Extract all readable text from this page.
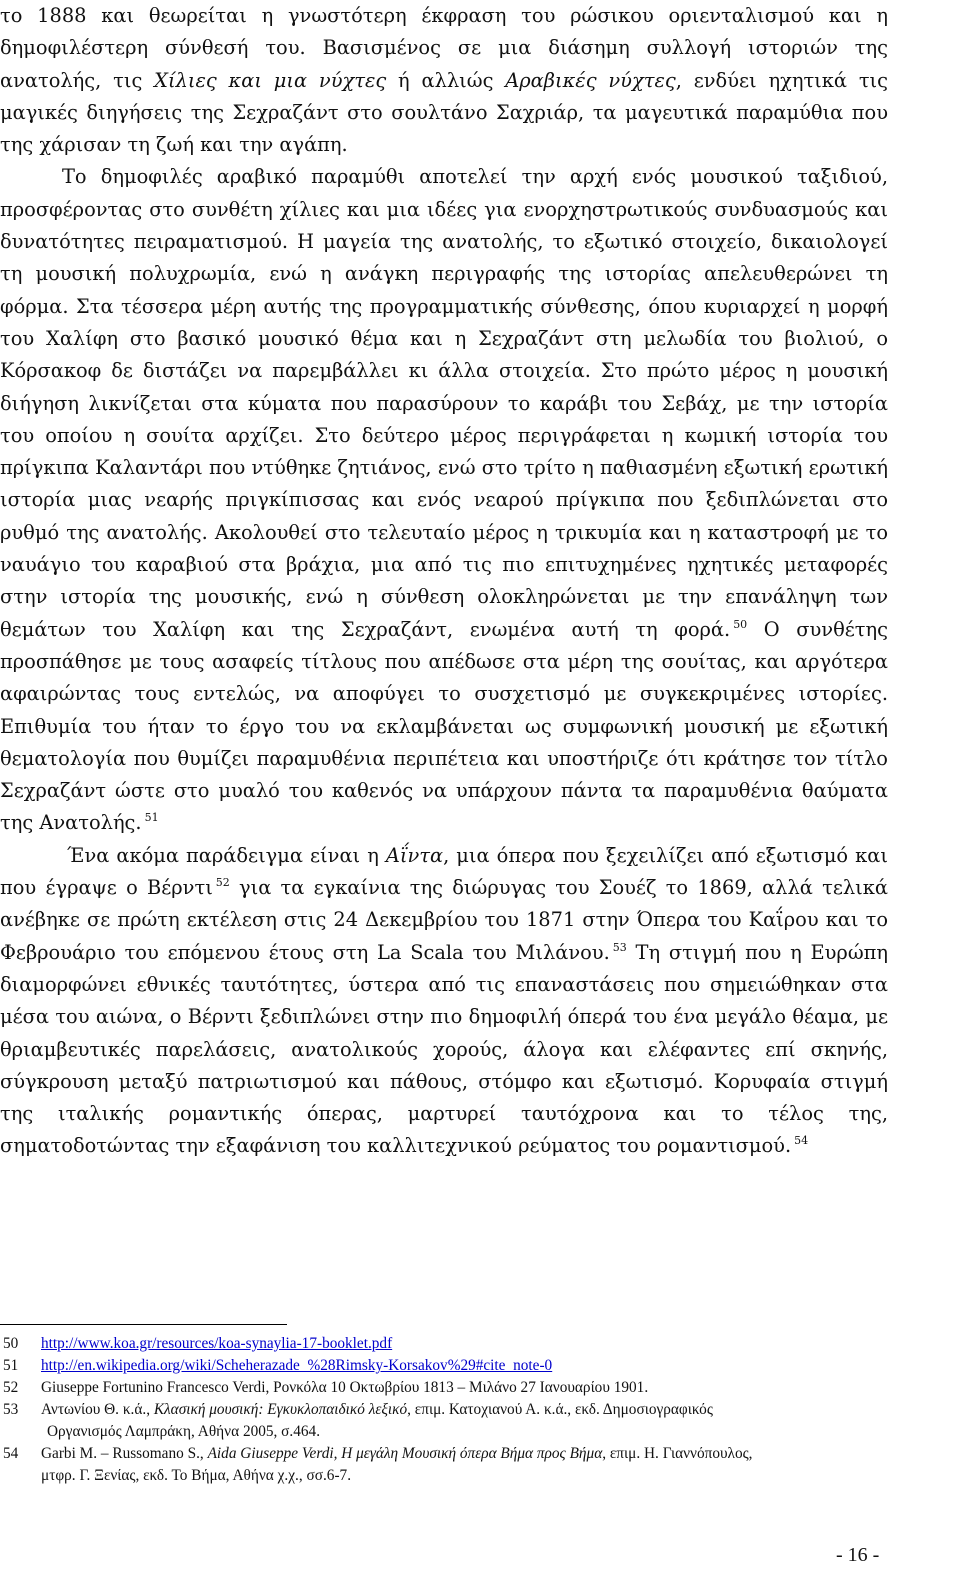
το 1888 και θεωρείται η γνωστότερη έκφραση του ρώσικου οριενταλισμού και η δημοφιλέστερη σύνθεσή του. Βασισμένος σε μια διάσημη συλλογή ιστοριών της ανατολής, τις Χίλιες και μια νύχτες ή αλλιώς Αραβικές νύχτες, ενδύει ηχητικά τις μαγικές διηγήσεις της Σεχραζάντ στο σουλτάνο Σαχριάρ, τα μαγευτικά παραμύθια που της χάρισαν τη ζωή και την αγάπη.
Το δημοφιλές αραβικό παραμύθι αποτελεί την αρχή ενός μουσικού ταξιδιού, προσφέροντας στο συνθέτη χίλιες και μια ιδέες για ενορχηστρωτικούς συνδυασμούς και δυνατότητες πειραματισμού. Η μαγεία της ανατολής, το εξωτικό στοιχείο, δικαιολογεί τη μουσική πολυχρωμία, ενώ η ανάγκη περιγραφής της ιστορίας απελευθερώνει τη φόρμα. Στα τέσσερα μέρη αυτής της προγραμματικής σύνθεσης, όπου κυριαρχεί η μορφή του Χαλίφη στο βασικό μουσικό θέμα και η Σεχραζάντ στη μελωδία του βιολιού, ο Κόρσακοφ δε διστάζει να παρεμβάλλει κι άλλα στοιχεία. Στο πρώτο μέρος η μουσική διήγηση λικνίζεται στα κύματα που παρασύρουν το καράβι του Σεβάχ, με την ιστορία του οποίου η σουίτα αρχίζει. Στο δεύτερο μέρος περιγράφεται η κωμική ιστορία του πρίγκιπα Καλαντάρι που ντύθηκε ζητιάνος, ενώ στο τρίτο η παθιασμένη εξωτική ερωτική ιστορία μιας νεαρής πριγκίπισσας και ενός νεαρού πρίγκιπα που ξεδιπλώνεται στο ρυθμό της ανατολής. Ακολουθεί στο τελευταίο μέρος η τρικυμία και η καταστροφή με το ναυάγιο του καραβιού στα βράχια, μια από τις πιο επιτυχημένες ηχητικές μεταφορές στην ιστορία της μουσικής, ενώ η σύνθεση ολοκληρώνεται με την επανάληψη των θεμάτων του Χαλίφη και της Σεχραζάντ, ενωμένα αυτή τη φορά. $^{50}$ Ο συνθέτης προσπάθησε με τους ασαφείς τίτλους που απέδωσε στα μέρη της σουίτας, και αργότερα αφαιρώντας τους εντελώς, να αποφύγει το συσχετισμό με συγκεκριμένες ιστορίες. Επιθυμία του ήταν το έργο του να εκλαμβάνεται ως συμφωνική μουσική με εξωτική θεματολογία που θυμίζει παραμυθένια περιπέτεια και υποστήριζε ότι κράτησε τον τίτλο Σεχραζάντ ώστε στο μυαλό του καθενός να υπάρχουν πάντα τα παραμυθένια θαύματα της Ανατολής. $^{51}$

Ένα ακόμα παράδειγμα είναι η Αΐντα, μια όπερα που ξεχειλίζει από εξωτισμό και που έγραψε ο Βέρντι $^{52}$ για τα εγκαίνια της διώρυγας του Σουέζ το 1869, αλλά τελικά ανέβηκε σε πρώτη εκτέλεση στις 24 Δεκεμβρίου του 1871 στην Όπερα του Καΐρου και το Φεβρουάριο του επόμενου έτους στη La Scala του Μιλάνου. $^{53}$ Τη στιγμή που η Ευρώπη διαμορφώνει εθνικές ταυτότητες, ύστερα από τις επαναστάσεις που σημειώθηκαν στα μέσα του αιώνα, ο Βέρντι ξεδιπλώνει στην πιο δημοφιλή όπερά του ένα μεγάλο θέαμα, με θριαμβευτικές παρελάσεις, ανατολικούς χορούς, άλογα και ελέφαντες επί σκηνής, σύγκρουση μεταξύ πατριωτισμού και πάθους, στόμφο και εξωτισμό. Κορυφαία στιγμή της ιταλικής ρομαντικής όπερας, μαρτυρεί ταυτόχρονα και το τέλος της, σηματοδοτώντας την εξαφάνιση του καλλιτεχνικού ρεύματος του ρομαντισμού. $^{54}$

50 http://www.koa.gr/resources/koa-synaylia-17-booklet.pdf
51 http://en.wikipedia.org/wiki/Scheherazade_%28Rimsky-Korsakov%29#cite_note-0
52 Giuseppe Fortunino Francesco Verdi, Ρονκόλα 10 Οκτωβρίου 1813 – Μιλάνο 27 Ιανουαρίου 1901.
53 Αντωνίου Θ. κ.ά., Κλασική μουσική: Εγκυκλοπαιδικό λεξικό, επιμ. Κατοχιανού Α. κ.ά., εκδ. Δημοσιογραφικός
Οργανισμός Λαμπράκη, Αθήνα 2005, σ.464.
54 Garbi M. – Russomano S., Aida Giuseppe Verdi, Η μεγάλη Μουσική όπερα Βήμα προς Βήμα, επιμ. Η. Γιαννόπουλος,
μτφρ. Γ. Ξενίας, εκδ. Το Βήμα, Αθήνα χ.χ., σσ.6-7.
- 16 -
